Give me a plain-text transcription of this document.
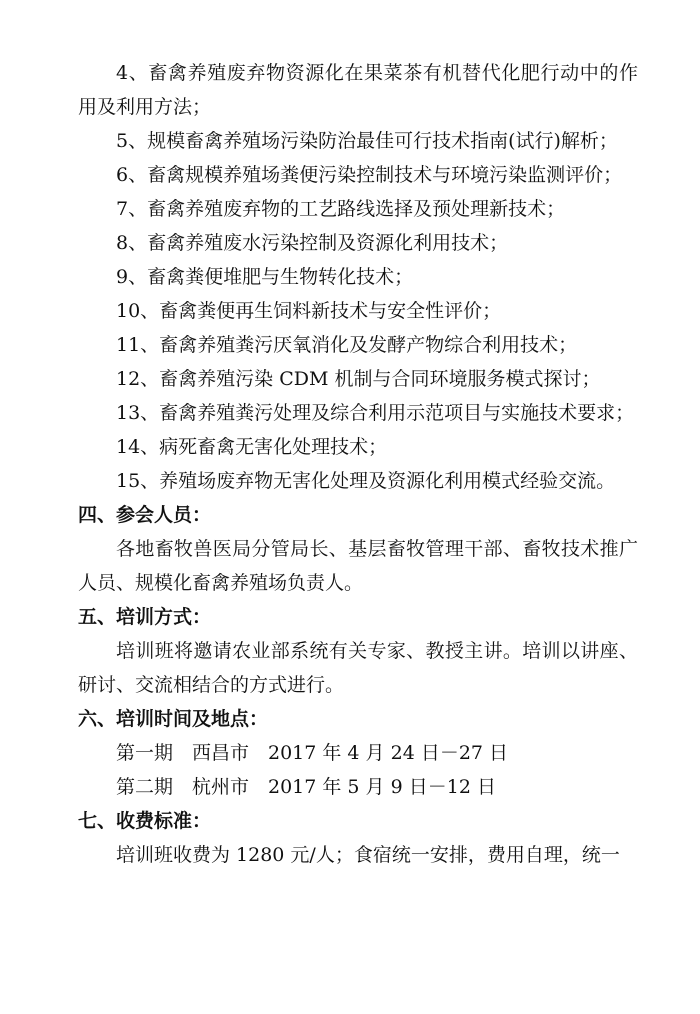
4、畜禽养殖废弃物资源化在果菜茶有机替代化肥行动中的作用及利用方法；

5、规模畜禽养殖场污染防治最佳可行技术指南(试行)解析；

6、畜禽规模养殖场粪便污染控制技术与环境污染监测评价；

7、畜禽养殖废弃物的工艺路线选择及预处理新技术；

8、畜禽养殖废水污染控制及资源化利用技术；

9、畜禽粪便堆肥与生物转化技术；

10、畜禽粪便再生饲料新技术与安全性评价；

11、畜禽养殖粪污厌氧消化及发酵产物综合利用技术；

12、畜禽养殖污染 CDM 机制与合同环境服务模式探讨；

13、畜禽养殖粪污处理及综合利用示范项目与实施技术要求；

14、病死畜禽无害化处理技术；

15、养殖场废弃物无害化处理及资源化利用模式经验交流。

四、参会人员：

各地畜牧兽医局分管局长、基层畜牧管理干部、畜牧技术推广人员、规模化畜禽养殖场负责人。

五、培训方式：

培训班将邀请农业部系统有关专家、教授主讲。培训以讲座、研讨、交流相结合的方式进行。

六、培训时间及地点：

第一期　西昌市　2017 年 4 月 24 日－27 日

第二期　杭州市　2017 年 5 月 9 日－12 日

七、收费标准：

培训班收费为 1280 元/人；食宿统一安排，费用自理，统一
